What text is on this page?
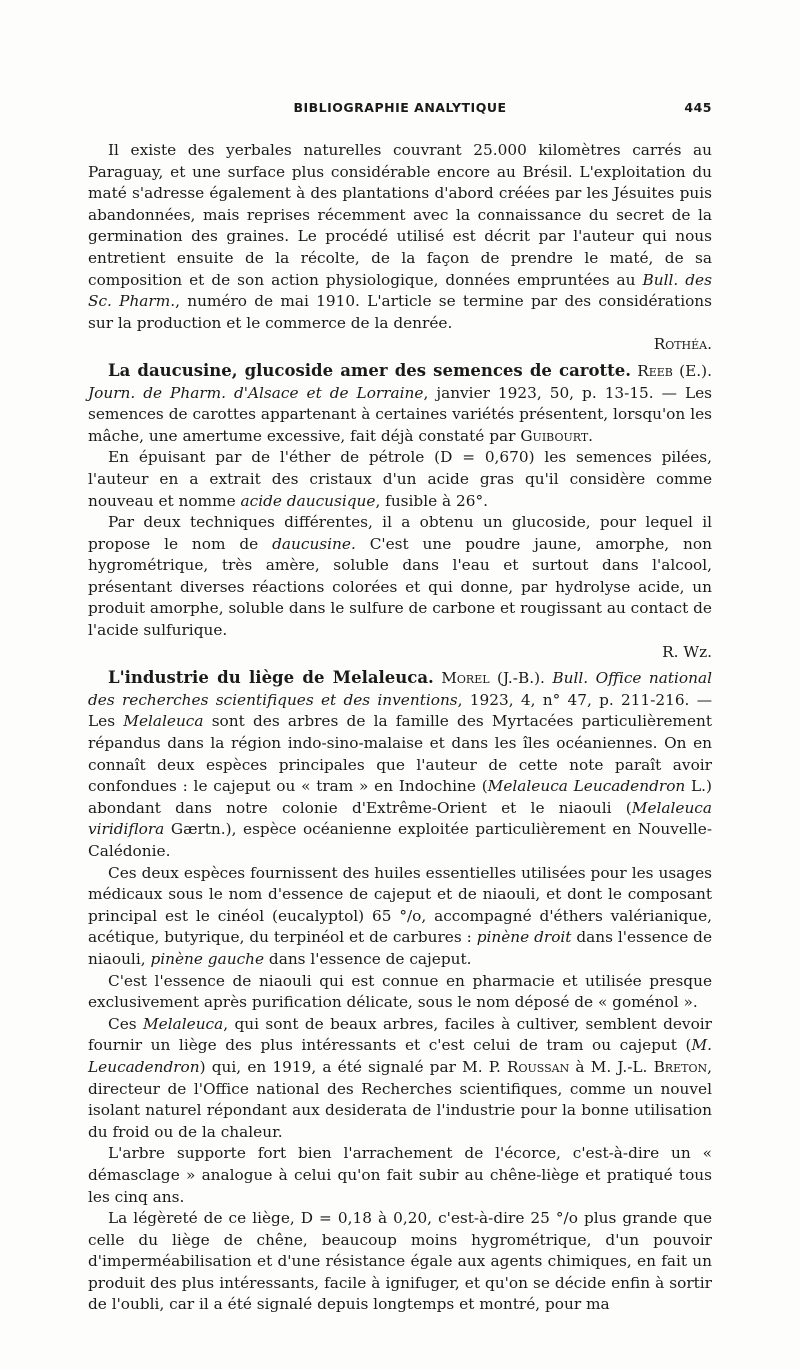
BIBLIOGRAPHIE ANALYTIQUE	445

Il existe des yerbales naturelles couvrant 25.000 kilomètres carrés au Paraguay, et une surface plus considérable encore au Brésil. L'exploitation du maté s'adresse également à des plantations d'abord créées par les Jésuites puis abandonnées, mais reprises récemment avec la connaissance du secret de la germination des graines. Le procédé utilisé est décrit par l'auteur qui nous entretient ensuite de la récolte, de la façon de prendre le maté, de sa composition et de son action physiologique, données empruntées au Bull. des Sc. Pharm., numéro de mai 1910. L'article se termine par des considérations sur la production et le commerce de la denrée.

Rothéa.

La daucusine, glucoside amer des semences de carotte. Reeb (E.). Journ. de Pharm. d'Alsace et de Lorraine, janvier 1923, 50, p. 13-15. — Les semences de carottes appartenant à certaines variétés présentent, lorsqu'on les mâche, une amertume excessive, fait déjà constaté par Guibourt.

En épuisant par de l'éther de pétrole (D = 0,670) les semences pilées, l'auteur en a extrait des cristaux d'un acide gras qu'il considère comme nouveau et nomme acide daucusique, fusible à 26°.

Par deux techniques différentes, il a obtenu un glucoside, pour lequel il propose le nom de daucusine. C'est une poudre jaune, amorphe, non hygrométrique, très amère, soluble dans l'eau et surtout dans l'alcool, présentant diverses réactions colorées et qui donne, par hydrolyse acide, un produit amorphe, soluble dans le sulfure de carbone et rougissant au contact de l'acide sulfurique.

R. Wz.

L'industrie du liège de Melaleuca. Morel (J.-B.). Bull. Office national des recherches scientifiques et des inventions, 1923, 4, n° 47, p. 211-216. — Les Melaleuca sont des arbres de la famille des Myrtacées particulièrement répandus dans la région indo-sino-malaise et dans les îles océaniennes. On en connaît deux espèces principales que l'auteur de cette note paraît avoir confondues : le cajeput ou « tram » en Indochine (Melaleuca Leucadendron L.) abondant dans notre colonie d'Extrême-Orient et le niaouli (Melaleuca viridiflora Gærtn.), espèce océanienne exploitée particulièrement en Nouvelle-Calédonie.

Ces deux espèces fournissent des huiles essentielles utilisées pour les usages médicaux sous le nom d'essence de cajeput et de niaouli, et dont le composant principal est le cinéol (eucalyptol) 65 °/o, accompagné d'éthers valérianique, acétique, butyrique, du terpinéol et de carbures : pinène droit dans l'essence de niaouli, pinène gauche dans l'essence de cajeput.

C'est l'essence de niaouli qui est connue en pharmacie et utilisée presque exclusivement après purification délicate, sous le nom déposé de « goménol ».

Ces Melaleuca, qui sont de beaux arbres, faciles à cultiver, semblent devoir fournir un liège des plus intéressants et c'est celui de tram ou cajeput (M. Leucadendron) qui, en 1919, a été signalé par M. P. Roussan à M. J.-L. Breton, directeur de l'Office national des Recherches scientifiques, comme un nouvel isolant naturel répondant aux desiderata de l'industrie pour la bonne utilisation du froid ou de la chaleur.

L'arbre supporte fort bien l'arrachement de l'écorce, c'est-à-dire un « démasclage » analogue à celui qu'on fait subir au chêne-liège et pratiqué tous les cinq ans.

La légèreté de ce liège, D = 0,18 à 0,20, c'est-à-dire 25 °/o plus grande que celle du liège de chêne, beaucoup moins hygrométrique, d'un pouvoir d'imperméabilisation et d'une résistance égale aux agents chimiques, en fait un produit des plus intéressants, facile à ignifuger, et qu'on se décide enfin à sortir de l'oubli, car il a été signalé depuis longtemps et montré, pour ma
